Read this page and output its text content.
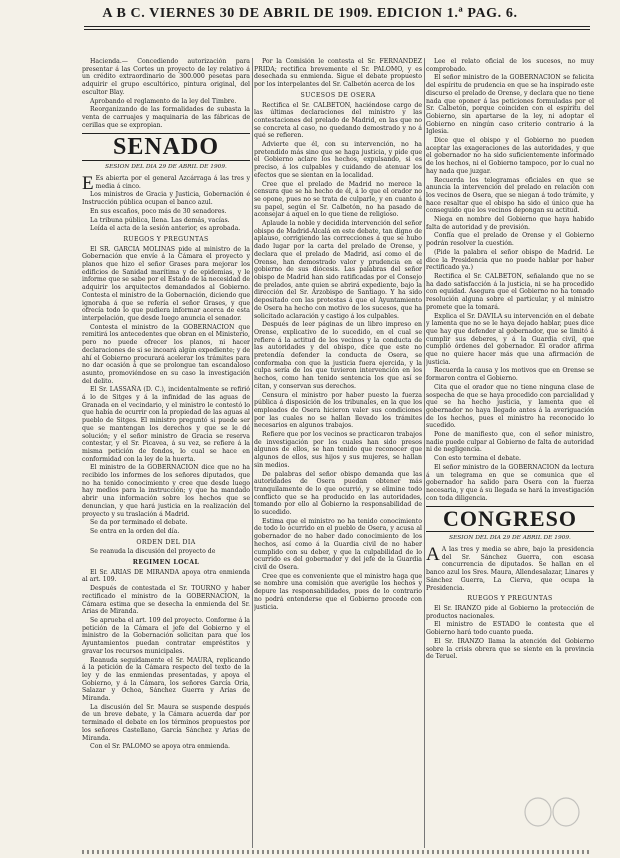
A B C. VIERNES 30 DE ABRIL DE 1909. EDICION 1.ª PAG. 6.

Hacienda.— Concediendo autorización para presentar á las Cortes un proyecto de ley relativo á un crédito extraordinario de 300.000 pesetas para adquirir el grupo escultórico, pintura original, del escultor Blay.

Aprobando el reglamento de la ley del Timbre.

Reorganizando de las formalidades de subasta la venta de carruajes y maquinaria de las fábricas de cerillas que se expropian.

SENADO
SESION DEL DIA 29 DE ABRIL DE 1909.

E Es abierta por el general Azcárraga á las tres y media á cinco.

Los ministros de Gracia y Justicia, Gobernación é Instrucción pública ocupan el banco azul.

En sus escaños, poco más de 30 senadores.

La tribuna pública, llena. Las demás, vacías.

Leída el acta de la sesión anterior, es aprobada.

RUEGOS Y PREGUNTAS

El SR. GARCIA MOLINAS pide al ministro de la Gobernación que envíe á la Cámara el proyecto y planos que hizo el señor Grases para mejorar los edificios de Sanidad marítima y de epidemias, y le informe que se sabe por el Estado de la necesidad de adquirir los arquitectos demandados al Gobierno. Contesta el ministro de la Gobernación, diciendo que ignoraba á que se refería el señor Grases, y que ofrecía todo lo que pudiera informar acerca de esta interpelación, que desde luego anuncia el senador.

Contesta el ministro de la GOBERNACION que remitirá los antecedentes que obran en el Ministerio, pero no puede ofrecer los planos, ni hacer declaraciones de si se incoará algún expediente; y de ahí el Gobierno procurará acelerar los trámites para no dar ocasión á que se prolongue tan escandaloso asunto, promoviéndose en su caso la investigación del delito.

El Sr. LASSAÑA (D. C.), incidentalmente se refirió á lo de Sitges y á la infinidad de las aguas de Granada en el vecindario, y el ministro le contestó lo que había de ocurrir con la propiedad de las aguas al pueblo de Sitges. El ministro preguntó si puede ser que se mantengan los derechos y que se le dé solución; y el señor ministro de Gracia se reserva contestar, y el Sr. Picavea, á su vez, se refiere á la misma petición de fondos, lo cual se hace en conformidad con la ley de la huerta.

El ministro de la GOBERNACION dice que no ha recibido los informes de los señores diputados, que no ha tenido conocimiento y cree que desde luego hay medios para la instrucción; y que ha mandado abrir una información sobre los hechos que se denuncian, y que hará justicia en la realización del proyecto y su traslación á Madrid.

Se da por terminado el debate.

Se entra en la orden del día.

ORDEN DEL DIA

Se reanuda la discusión del proyecto de

REGIMEN LOCAL

El Sr. ARIAS DE MIRANDA apoya otra enmienda al art. 109.

Después de contestada el Sr. TOURNO y haber rectificado el ministro de la GOBERNACION, la Cámara estima que se desecha la enmienda del Sr. Arias de Miranda.

Se aprueba el art. 109 del proyecto. Conforme á la petición de la Cámara el jefe del Gobierno y el ministro de la Gobernación solicitan para que los Ayuntamientos puedan contratar empréstitos y gravar los recursos municipales.

Reanuda seguidamente el Sr. MAURA, replicando á la petición de la Cámara respecto del texto de la ley y de las enmiendas presentadas, y apoya el Gobierno, y á la Cámara, los señores García Oria, Salazar y Ochoa, Sánchez Guerra y Arias de Miranda.

La discusión del Sr. Maura se suspende después de un breve debate, y la Cámara acuerda dar por terminado el debate en los términos propuestos por los señores Castellano, García Sánchez y Arias de Miranda.

Con el Sr. PALOMO se apoya otra enmienda.

Por la Comisión le contesta el Sr. FERNANDEZ PRIDA; rectifica brevemente el Sr. PALOMO, y es desechada su enmienda. Sigue el debate propuesto por los interpelantes del Sr. Calbetón acerca de los

SUCESOS DE OSERA

Rectifica el Sr. CALBETON, haciéndose cargo de las últimas declaraciones del ministro y las contestaciones del prelado de Madrid, en las que no se concreta al caso, no quedando demostrado y no á qué se refieren.

Advierte que él, con su intervención, no ha pretendido más sino que se haga justicia, y pide que el Gobierno aclare los hechos, expulsando, si es preciso, á los culpables y cuidando de atenuar los efectos que se sientan en la localidad.

Cree que el prelado de Madrid no merece la censura que se ha hecho de él, á lo que el orador no se opone, pues no se trata de culparle, y en cuanto á su papel, según el Sr. Calbetón, no ha pasado de aconsejar á aquel en lo que tiene de religioso.

Aplaude la noble y decidida intervención del señor obispo de Madrid-Alcalá en este debate, tan digno de aplauso, corrigiendo las correcciones á que se hubo dado lugar por la carta del prelado de Orense, y declara que el prelado de Madrid, así como el de Orense, han demostrado valor y prudencia en el gobierno de sus diócesis. Las palabras del señor obispo de Madrid han sido ratificadas por el Consejo de prelados, ante quien se abrirá expediente, bajo la dirección del Sr. Arzobispo de Santiago. Y ha sido depositado con las protestas á que el Ayuntamiento de Osera ha hecho con motivo de los sucesos, que ha solicitado aclaración y castigo á los culpables.

Después de leer páginas de un libro impreso en Orense, explicativo de lo sucedido, en el cual se refiere á la actitud de los vecinos y la conducta de las autoridades y del obispo, dice que este no pretendía defender la conducta de Osera, se conformaba con que la justicia fuera ejercida, y la culpa sería de los que tuvieron intervención en los hechos, como han tenido sentencia los que así se citan, y conservan sus derechos.

Censura el ministro por haber puesto la fuerza pública á disposición de los tribunales, en la que los empleados de Osera hicieron valer sus condiciones por las cuales no se hallan llevado los trámites necesarios en algunos trabajos.

Refiere que por los vecinos se practicaron trabajos de investigación por los cuales han sido presos algunos de ellos, se han tenido que reconocer que algunos de ellos, sus hijos y sus mujeres, se hallan sin medios.

De palabras del señor obispo demanda que las autoridades de Osera puedan obtener más tranquilamente de lo que ocurrió, y se elimine todo conflicto que se ha producido en las autoridades, tomando por ello al Gobierno la responsabilidad de lo sucedido.

Estima que el ministro no ha tenido conocimiento de todo lo ocurrido en el pueblo de Osera, y acusa al gobernador de no haber dado conocimiento de los hechos, así como á la Guardia civil de no haber cumplido con su deber, y que la culpabilidad de lo ocurrido es del gobernador y del jefe de la Guardia civil de Osera.

Cree que es conveniente que el ministro haga que se nombre una comisión que averigüe los hechos y depure las responsabilidades, pues de lo contrario no podrá entenderse que el Gobierno procede con justicia.

Lee el relato oficial de los sucesos, no muy comprobado.

El señor ministro de la GOBERNACION se felicita del espíritu de prudencia en que se ha inspirado este discurso el prelado de Orense, y declara que no tiene nada que oponer á las peticiones formuladas por el Sr. Calbetón, porque coinciden con el espíritu del Gobierno, sin apartarse de la ley, ni adoptar el Gobierno en ningún caso criterio contrario á la Iglesia.

Dice que el obispo y el Gobierno no pueden aceptar las exageraciones de las autoridades, y que el gobernador no ha sido suficientemente informado de los hechos, ni el Gobierno tampoco, por lo cual no hay nada que juzgar.

Recuerda los telegramas oficiales en que se anuncia la intervención del prelado en relación con los vecinos de Osera, que se niegan á todo trámite, y hace resaltar que el obispo ha sido el único que ha conseguido que los vecinos depongan su actitud.

Niega en nombre del Gobierno que haya habido falta de autoridad y de previsión.

Confía que el prelado de Orense y el Gobierno podrán resolver la cuestión.

(Pide la palabra el señor obispo de Madrid. Le dice la Presidencia que no puede hablar por haber rectificado ya.)

Rectifica el Sr. CALBETON, señalando que no se ha dado satisfacción á la justicia, ni se ha procedido con equidad. Asegura que el Gobierno no ha tomado resolución alguna sobre el particular, y el ministro promete que la tomará.

Explica el Sr. DAVILA su intervención en el debate y lamenta que no se le haya dejado hablar, pues dice que hay que defender al gobernador, que se limitó á cumplir sus deberes, y á la Guardia civil, que cumplió órdenes del gobernador. El orador afirma que no quiere hacer más que una afirmación de justicia.

Recuerda la causa y los motivos que en Orense se formaron contra el Gobierno.

Cita que el orador que no tiene ninguna clase de sospecha de que se haya procedido con parcialidad y que se ha hecho justicia, y lamenta que el gobernador no haya llegado antes á la averiguación de los hechos, pues el ministro ha reconocido lo sucedido.

Pone de manifiesto que, con el señor ministro, nadie puede culpar al Gobierno de falta de autoridad ni de negligencia.

Con esto termina el debate.

El señor ministro de la GOBERNACION da lectura á un telegrama en que se comunica que el gobernador ha salido para Osera con la fuerza necesaria, y que á su llegada se hará la investigación con toda diligencia.

CONGRESO
SESION DEL DIA 29 DE ABRIL DE 1909.

A A las tres y media se abre, bajo la presidencia del Sr. Sánchez Guerra, con escasa concurrencia de diputados. Se hallan en el banco azul los Sres. Maura, Allendesalazar, Linares y Sánchez Guerra, La Cierva, que ocupa la Presidencia.

RUEGOS Y PREGUNTAS

El Sr. IRANZO pide al Gobierno la protección de productos nacionales.

El ministro de ESTADO le contesta que el Gobierno hará todo cuanto pueda.

El Sr. IRANZO llama la atención del Gobierno sobre la crisis obrera que se siente en la provincia de Teruel.
